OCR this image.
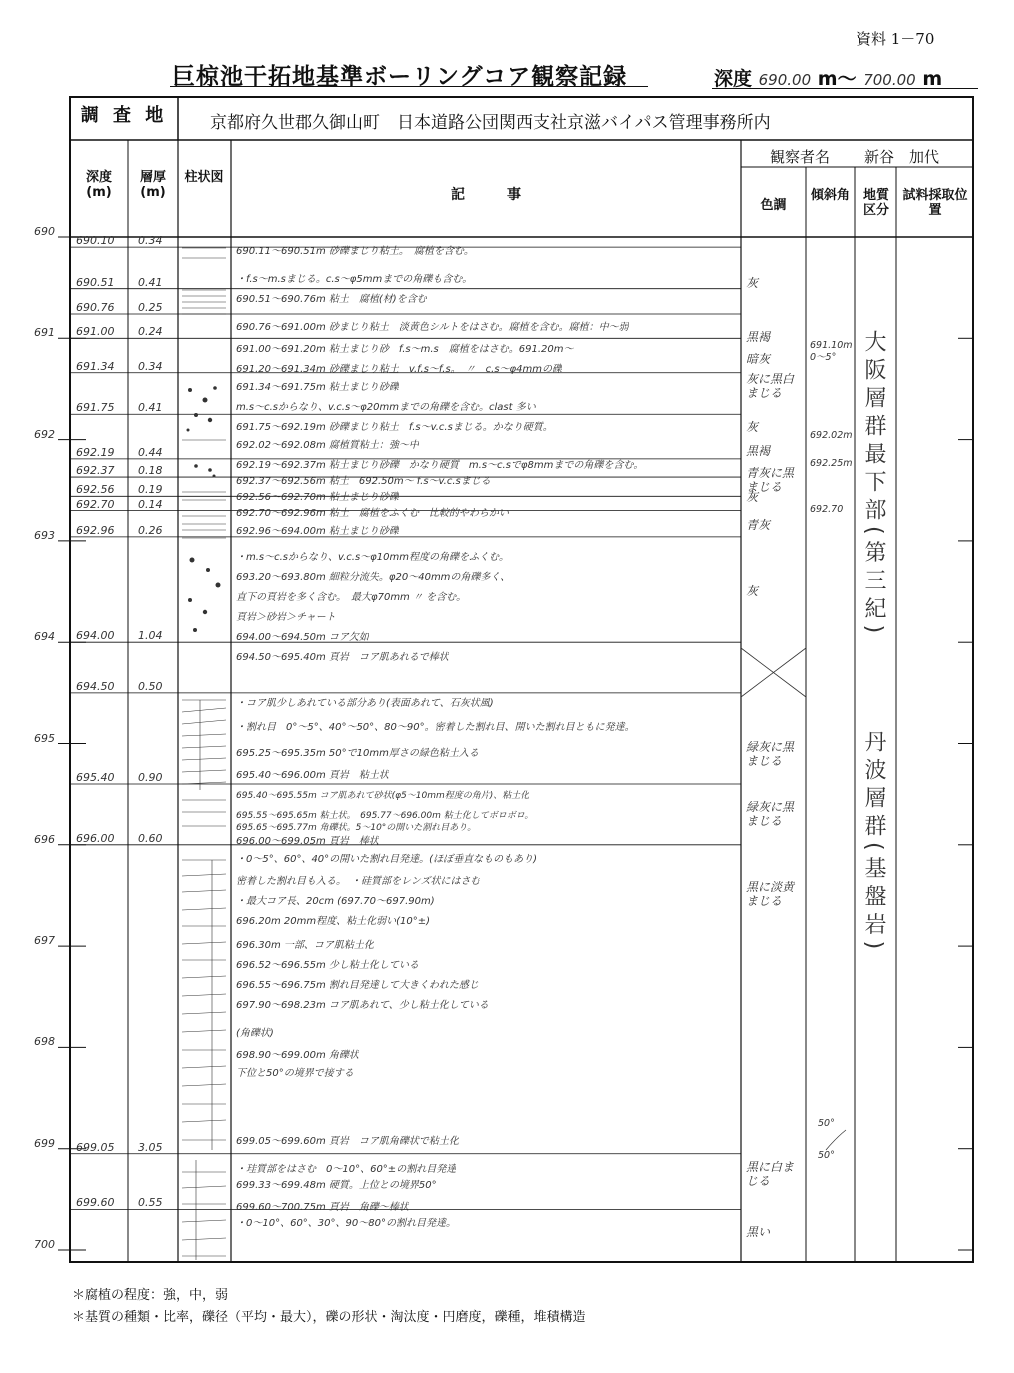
資料 1－70
巨椋池干拓地基準ボーリングコア観察記録	深度 690.00 m〜 700.00 m
調 査 地	京都府久世郡久御山町　日本道路公団関西支社京滋バイパス管理事務所内
観察者名 新谷　加代
深度(m)
層厚(m)
柱状図
記　　　事
色調
傾斜角 地質区分
試料採取位置
690
691
692
693
694
695
696
697
698
699
700
690.10 0.34
690.51 0.41
690.76 0.25
691.00 0.24
691.34 0.34
691.75 0.41
692.19 0.44
692.37 0.18
692.56 0.19
692.70 0.14
692.96 0.26
694.00 1.04
694.50 0.50
695.40 0.90
696.00 0.60
699.05 3.05
699.60 0.55
690.11〜690.51m 砂礫まじり粘土。　腐植を含む。
・f.s〜m.sまじる。c.s〜φ5mmまでの角礫も含む。
690.51〜690.76m 粘土　腐植(材)を含む
690.76〜691.00m 砂まじり粘土　淡黄色シルトをはさむ。腐植を含む。腐植：中〜弱
691.00〜691.20m 粘土まじり砂　f.s〜m.s　腐植をはさむ。691.20m〜
691.20〜691.34m 砂礫まじり粘土　v.f.s〜f.s。　〃　c.s〜φ4mmの礫
691.34〜691.75m 粘土まじり砂礫
m.s〜c.sからなり、v.c.s〜φ20mmまでの角礫を含む。clast 多い
691.75〜692.19m 砂礫まじり粘土　f.s〜v.c.sまじる。かなり硬質。
692.02〜692.08m 腐植質粘土：強〜中
692.19〜692.37m 粘土まじり砂礫　かなり硬質　m.s〜c.sでφ8mmまでの角礫を含む。
692.37〜692.56m 粘土　692.50m〜 f.s〜v.c.sまじる
692.56〜692.70m 粘土まじり砂礫
692.70〜692.96m 粘土　腐植をふくむ　比較的やわらかい
692.96〜694.00m 粘土まじり砂礫
・m.s〜c.sからなり、v.c.s〜φ10mm程度の角礫をふくむ。
693.20〜693.80m 細粒分流失。φ20〜40mmの角礫多く、
直下の頁岩を多く含む。　最大φ70mm 〃 を含む。
頁岩＞砂岩＞チャート
694.00〜694.50m コア欠如
694.50〜695.40m 頁岩　コア肌あれるで棒状
・コア肌少しあれている部分あり(表面あれて、石灰状風)
・割れ目　0°〜5°、40°〜50°、80〜90°。密着した割れ目、開いた割れ目ともに発達。
695.25〜695.35m 50°で10mm厚さの緑色粘土入る
695.40〜696.00m 頁岩　粘土状
695.40〜695.55m コア肌あれて砂状(φ5〜10mm程度の角片)、粘土化
695.55〜695.65m 粘土状。　695.77〜696.00m 粘土化してボロボロ。
695.65〜695.77m 角礫状。5〜10°の開いた割れ目あり。
696.00〜699.05m 頁岩　棒状
・0〜5°、60°、40°の開いた割れ目発達。(ほぼ垂直なものもあり)
密着した割れ目も入る。　・硅質部をレンズ状にはさむ
・最大コア長、20cm (697.70〜697.90m)
696.20m 20mm程度、粘土化弱い(10°±)
696.30m 一部、コア肌粘土化
696.52〜696.55m 少し粘土化している
696.55〜696.75m 割れ目発達して大きくわれた感じ
697.90〜698.23m コア肌あれて、少し粘土化している
(角礫状)
698.90〜699.00m 角礫状
下位と50°の境界で接する
699.05〜699.60m 頁岩　コア肌角礫状で粘土化
・珪質部をはさむ　0〜10°、60°±の割れ目発達
699.33〜699.48m 硬質。上位との境界50°
699.60〜700.75m 頁岩　角礫〜棒状
・0〜10°、60°、30°、90〜80°の割れ目発達。
灰
黒褐
暗灰
灰に黒白まじる
灰
黒褐
青灰に黒まじる
灰
青灰
灰
緑灰に黒まじる
緑灰に黒まじる
黒に淡黄まじる
黒に白まじる
黒い
691.10m 0〜5°
692.02m
692.25m
692.70
50°
50°
大阪層群最下部(第三紀)
丹波層群(基盤岩)
＊腐植の程度：強，中，弱
＊基質の種類・比率，礫径（平均・最大），礫の形状・淘汰度・円磨度，礫種，堆積構造
